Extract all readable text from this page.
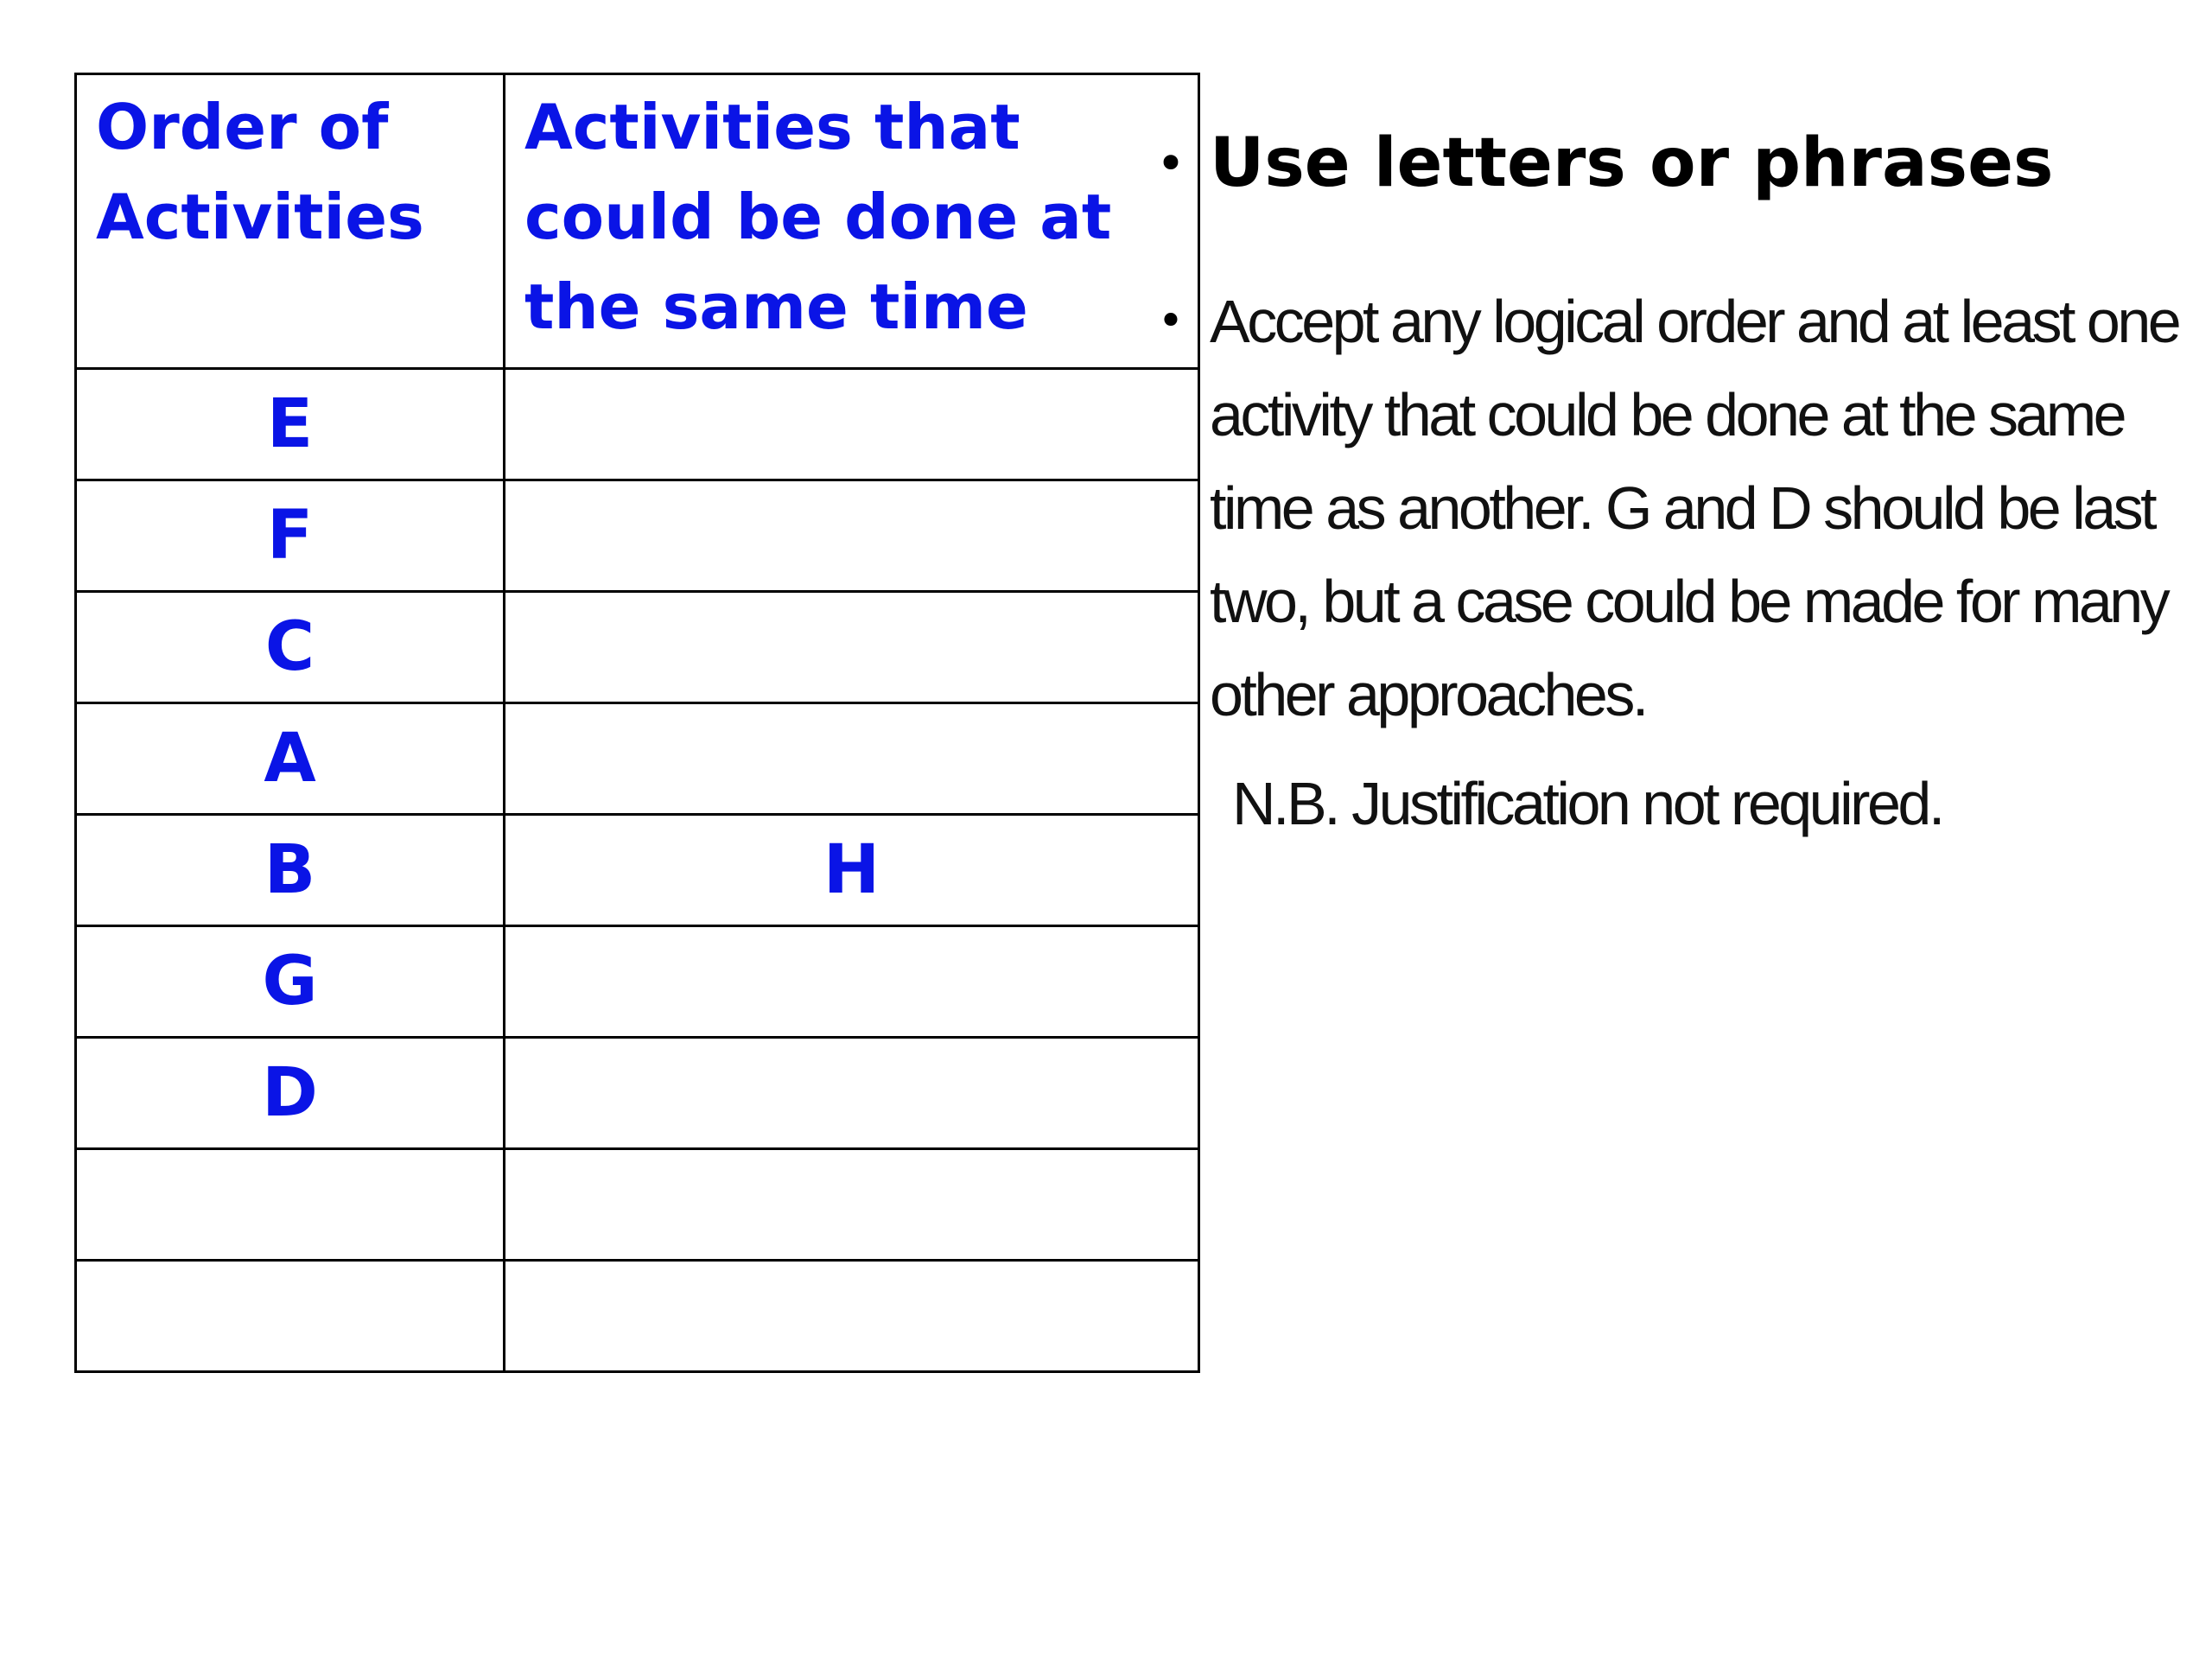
Order of Activities	Activities that could be done at the same time
E	
F	
C	
A	
B	H
G	
D	

• Use letters or phrases
• Accept any logical order and at least one activity that could be done at the same time as another. G and D should be last two, but a case could be made for many other approaches.
N.B. Justification not required.
